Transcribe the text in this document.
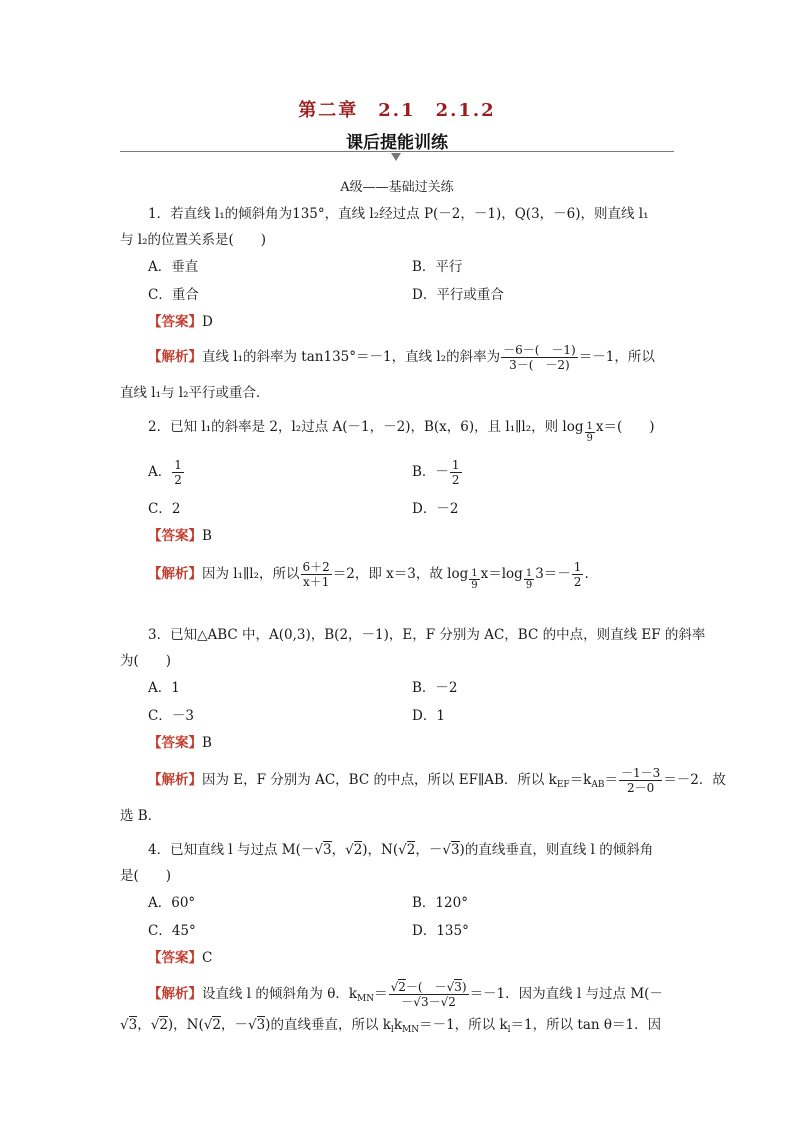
第二章　2.1　2.1.2
课后提能训练
A级——基础过关练
1．若直线 l₁的倾斜角为135°，直线 l₂经过点 P(－2，－1)，Q(3，－6)，则直线 l₁
与 l₂的位置关系是(　　)
A．垂直	B．平行
C．重合	D．平行或重合
【答案】D
【解析】直线 l₁的斜率为 tan135°＝－1，直线 l₂的斜率为 $\frac{-6-( -1)}{3-( -2)} =-1$，所以
直线 l₁与 l₂平行或重合．
2．已知 l₁的斜率是 2，l₂过点 A(－1，－2)，B(x，6)，且 l₁∥l₂，则 $\log \frac{1}{9} x=$(　　)
A． $\frac{1}{2}$	B．－ $\frac{1}{2}$
C．2	D．－2
【答案】B
【解析】因为 l₁∥l₂，所以 $\frac{6+2}{x+1} =2$，即 x＝3，故 $\log \frac{1}{9} x=\log \frac{1}{9} 3=- \frac{1}{2}$ .
3．已知△ABC 中，A(0,3)，B(2，－1)，E，F 分别为 AC，BC 的中点，则直线 EF 的斜率
为(　　)
A．1	B．－2
C．－3	D．1
【答案】B
【解析】因为 E，F 分别为 AC，BC 的中点，所以 EF∥AB．所以 $k_{EF}=k_{AB}= \frac{-1-3}{2-0} =-2$．故
选 B．
4．已知直线 l 与过点 M(－√3，√2)，N(√2，－√3)的直线垂直，则直线 l 的倾斜角
是(　　)
A．60°	B．120°
C．45°	D．135°
【答案】C
【解析】设直线 l 的倾斜角为 θ．$k_{MN}= \frac{√2-( -√3)}{-√3-√2} =-1$．因为直线 l 与过点 M(－
√3，√2)，N(√2，－√3)的直线垂直，所以 $k_lk_{MN}=-1$，所以 $k_l=1$，所以 tan θ＝1．因
